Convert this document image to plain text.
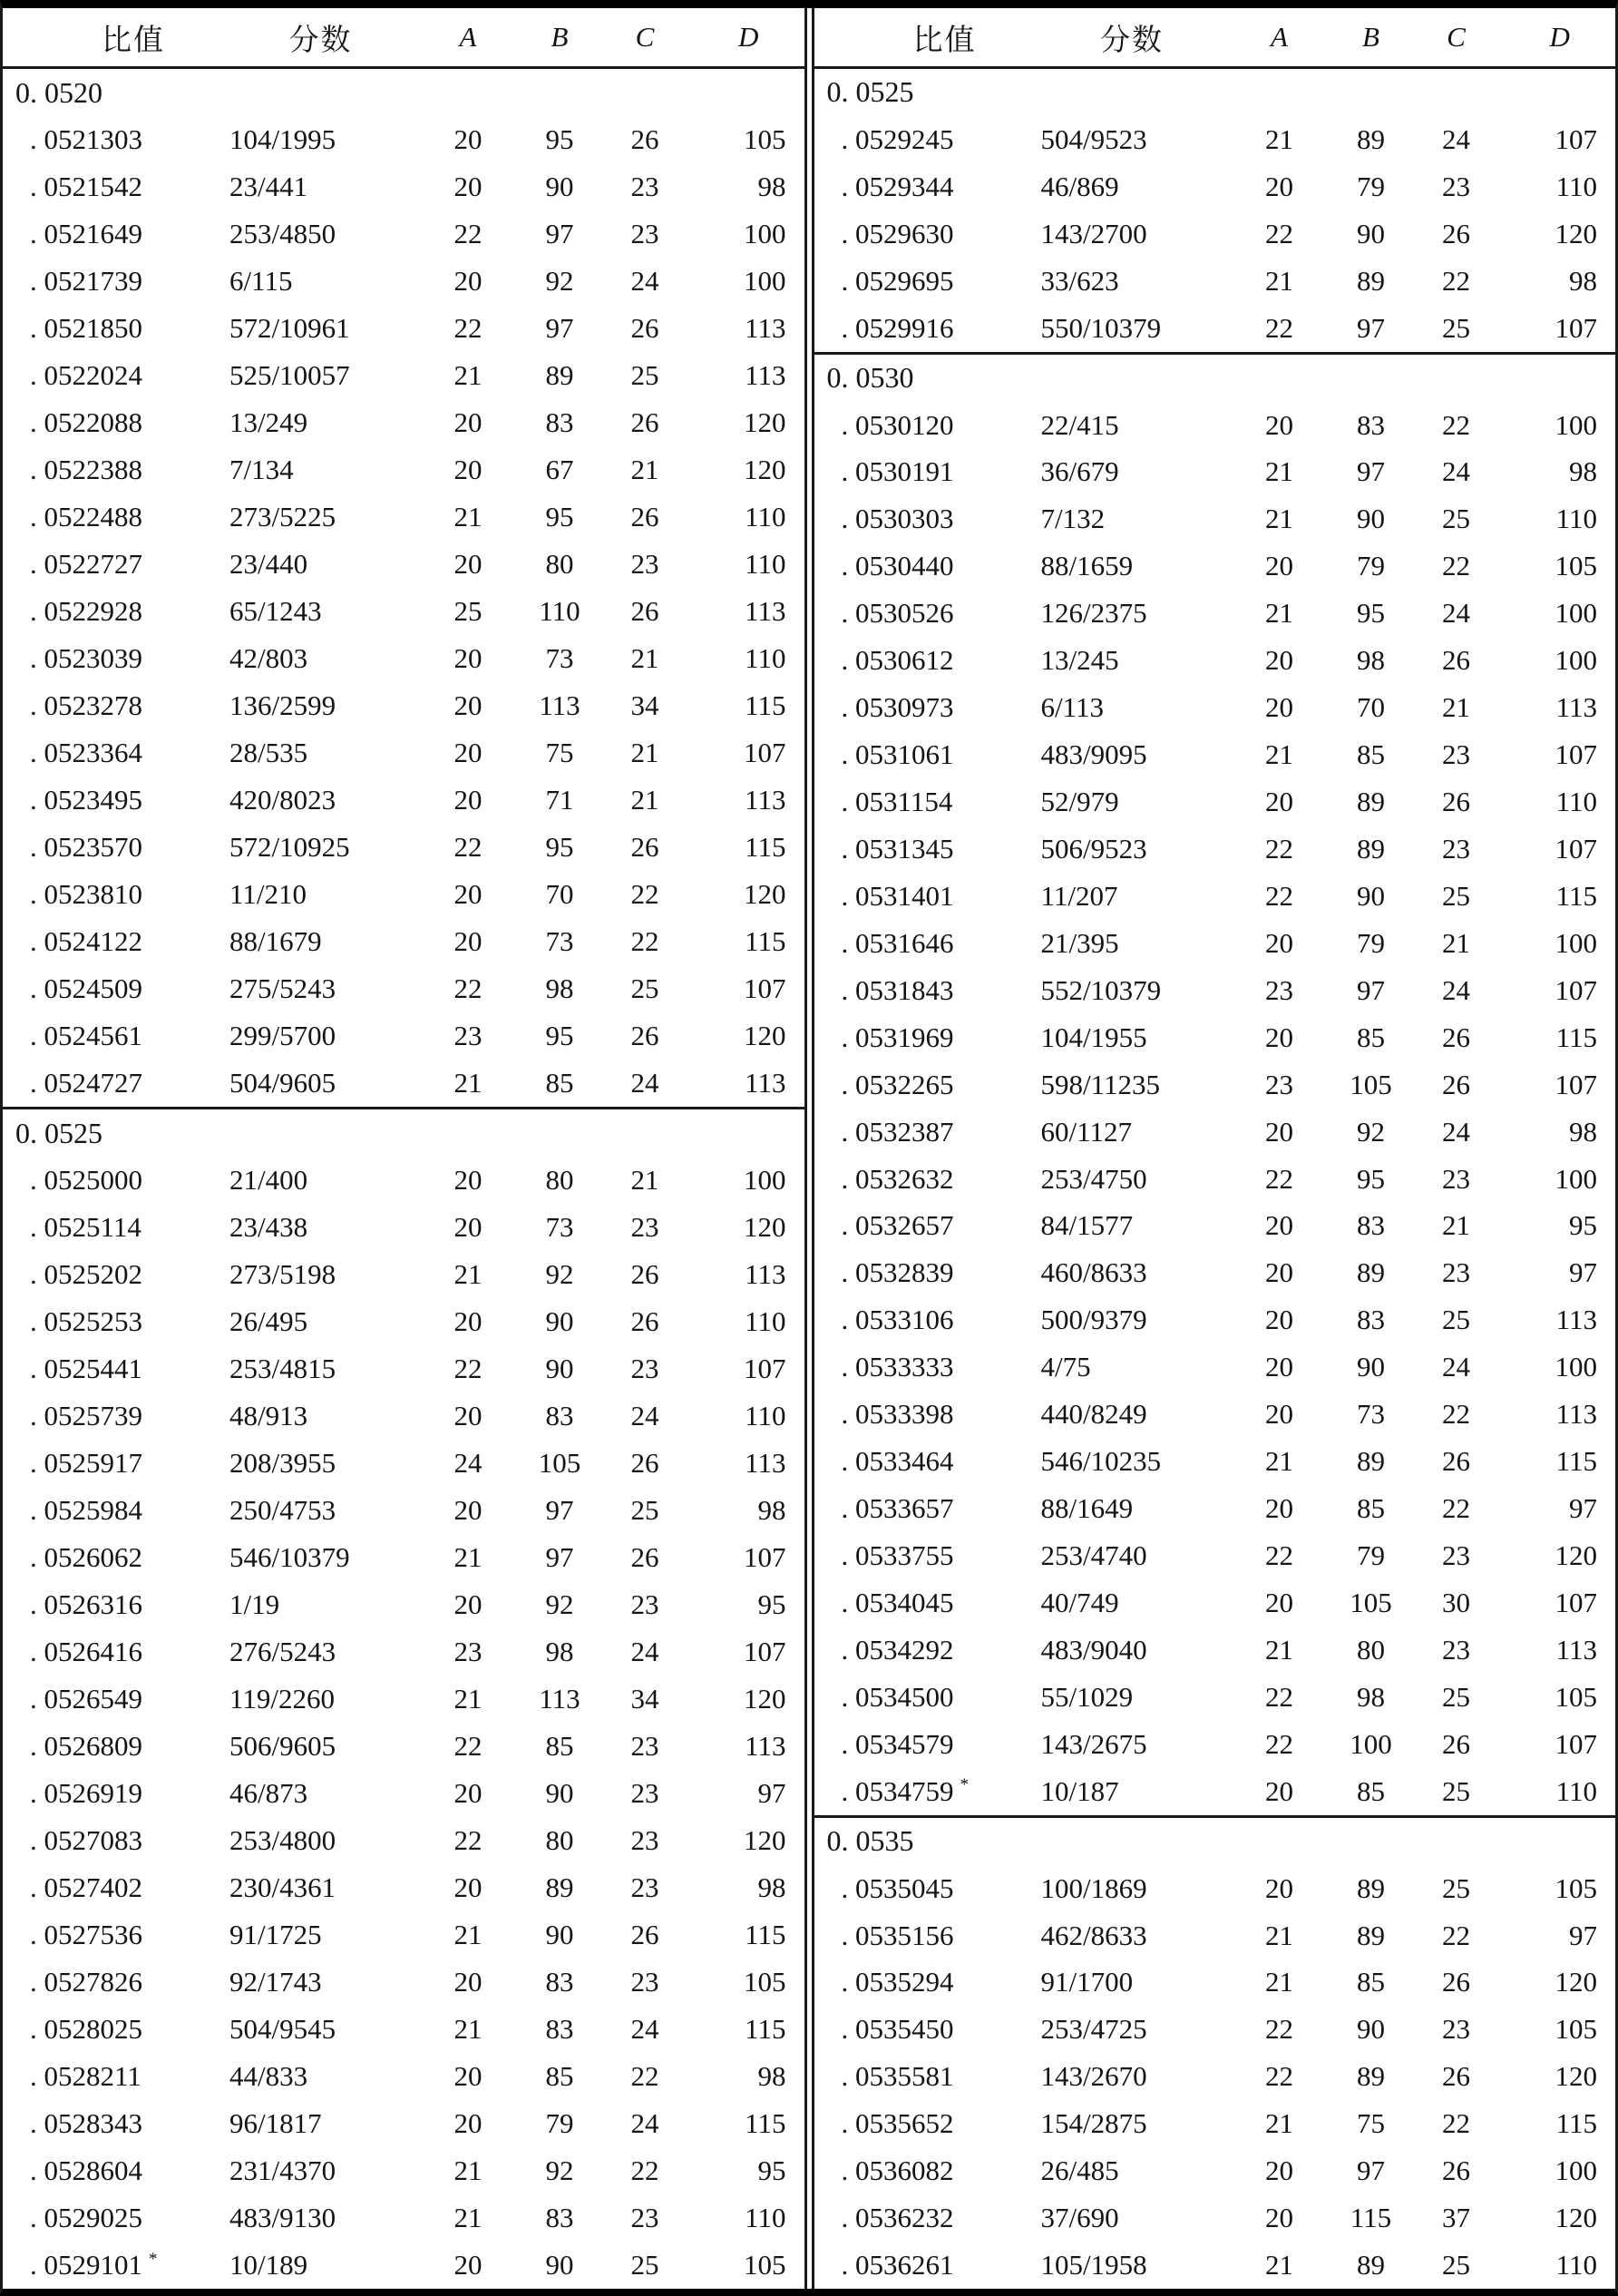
比值	分数	A	B	C	D
0. 0520
. 0521303	104/1995	20	95	26	105
. 0521542	23/441	20	90	23	98
. 0521649	253/4850	22	97	23	100
. 0521739	6/115	20	92	24	100
. 0521850	572/10961	22	97	26	113
. 0522024	525/10057	21	89	25	113
. 0522088	13/249	20	83	26	120
. 0522388	7/134	20	67	21	120
. 0522488	273/5225	21	95	26	110
. 0522727	23/440	20	80	23	110
. 0522928	65/1243	25	110	26	113
. 0523039	42/803	20	73	21	110
. 0523278	136/2599	20	113	34	115
. 0523364	28/535	20	75	21	107
. 0523495	420/8023	20	71	21	113
. 0523570	572/10925	22	95	26	115
. 0523810	11/210	20	70	22	120
. 0524122	88/1679	20	73	22	115
. 0524509	275/5243	22	98	25	107
. 0524561	299/5700	23	95	26	120
. 0524727	504/9605	21	85	24	113
0. 0525
. 0525000	21/400	20	80	21	100
. 0525114	23/438	20	73	23	120
. 0525202	273/5198	21	92	26	113
. 0525253	26/495	20	90	26	110
. 0525441	253/4815	22	90	23	107
. 0525739	48/913	20	83	24	110
. 0525917	208/3955	24	105	26	113
. 0525984	250/4753	20	97	25	98
. 0526062	546/10379	21	97	26	107
. 0526316	1/19	20	92	23	95
. 0526416	276/5243	23	98	24	107
. 0526549	119/2260	21	113	34	120
. 0526809	506/9605	22	85	23	113
. 0526919	46/873	20	90	23	97
. 0527083	253/4800	22	80	23	120
. 0527402	230/4361	20	89	23	98
. 0527536	91/1725	21	90	26	115
. 0527826	92/1743	20	83	23	105
. 0528025	504/9545	21	83	24	115
. 0528211	44/833	20	85	22	98
. 0528343	96/1817	20	79	24	115
. 0528604	231/4370	21	92	22	95
. 0529025	483/9130	21	83	23	110
. 0529101 *	10/189	20	90	25	105
比值	分数	A	B	C	D
0. 0525
. 0529245	504/9523	21	89	24	107
. 0529344	46/869	20	79	23	110
. 0529630	143/2700	22	90	26	120
. 0529695	33/623	21	89	22	98
. 0529916	550/10379	22	97	25	107
0. 0530
. 0530120	22/415	20	83	22	100
. 0530191	36/679	21	97	24	98
. 0530303	7/132	21	90	25	110
. 0530440	88/1659	20	79	22	105
. 0530526	126/2375	21	95	24	100
. 0530612	13/245	20	98	26	100
. 0530973	6/113	20	70	21	113
. 0531061	483/9095	21	85	23	107
. 0531154	52/979	20	89	26	110
. 0531345	506/9523	22	89	23	107
. 0531401	11/207	22	90	25	115
. 0531646	21/395	20	79	21	100
. 0531843	552/10379	23	97	24	107
. 0531969	104/1955	20	85	26	115
. 0532265	598/11235	23	105	26	107
. 0532387	60/1127	20	92	24	98
. 0532632	253/4750	22	95	23	100
. 0532657	84/1577	20	83	21	95
. 0532839	460/8633	20	89	23	97
. 0533106	500/9379	20	83	25	113
. 0533333	4/75	20	90	24	100
. 0533398	440/8249	20	73	22	113
. 0533464	546/10235	21	89	26	115
. 0533657	88/1649	20	85	22	97
. 0533755	253/4740	22	79	23	120
. 0534045	40/749	20	105	30	107
. 0534292	483/9040	21	80	23	113
. 0534500	55/1029	22	98	25	105
. 0534579	143/2675	22	100	26	107
. 0534759 *	10/187	20	85	25	110
0. 0535
. 0535045	100/1869	20	89	25	105
. 0535156	462/8633	21	89	22	97
. 0535294	91/1700	21	85	26	120
. 0535450	253/4725	22	90	23	105
. 0535581	143/2670	22	89	26	120
. 0535652	154/2875	21	75	22	115
. 0536082	26/485	20	97	26	100
. 0536232	37/690	20	115	37	120
. 0536261	105/1958	21	89	25	110
